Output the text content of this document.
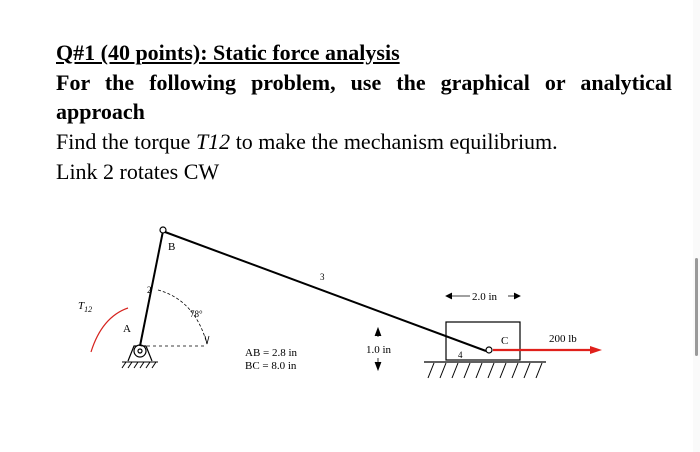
Q#1 (40 points): Static force analysis

For the following problem, use the graphical or analytical approach

Find the torque T12 to make the mechanism equilibrium.
Link 2 rotates CW

$T_{12}$
A
B
C
2
3
4
78°
AB = 2.8 in
BC = 8.0 in
1.0 in
2.0 in
200 lb
